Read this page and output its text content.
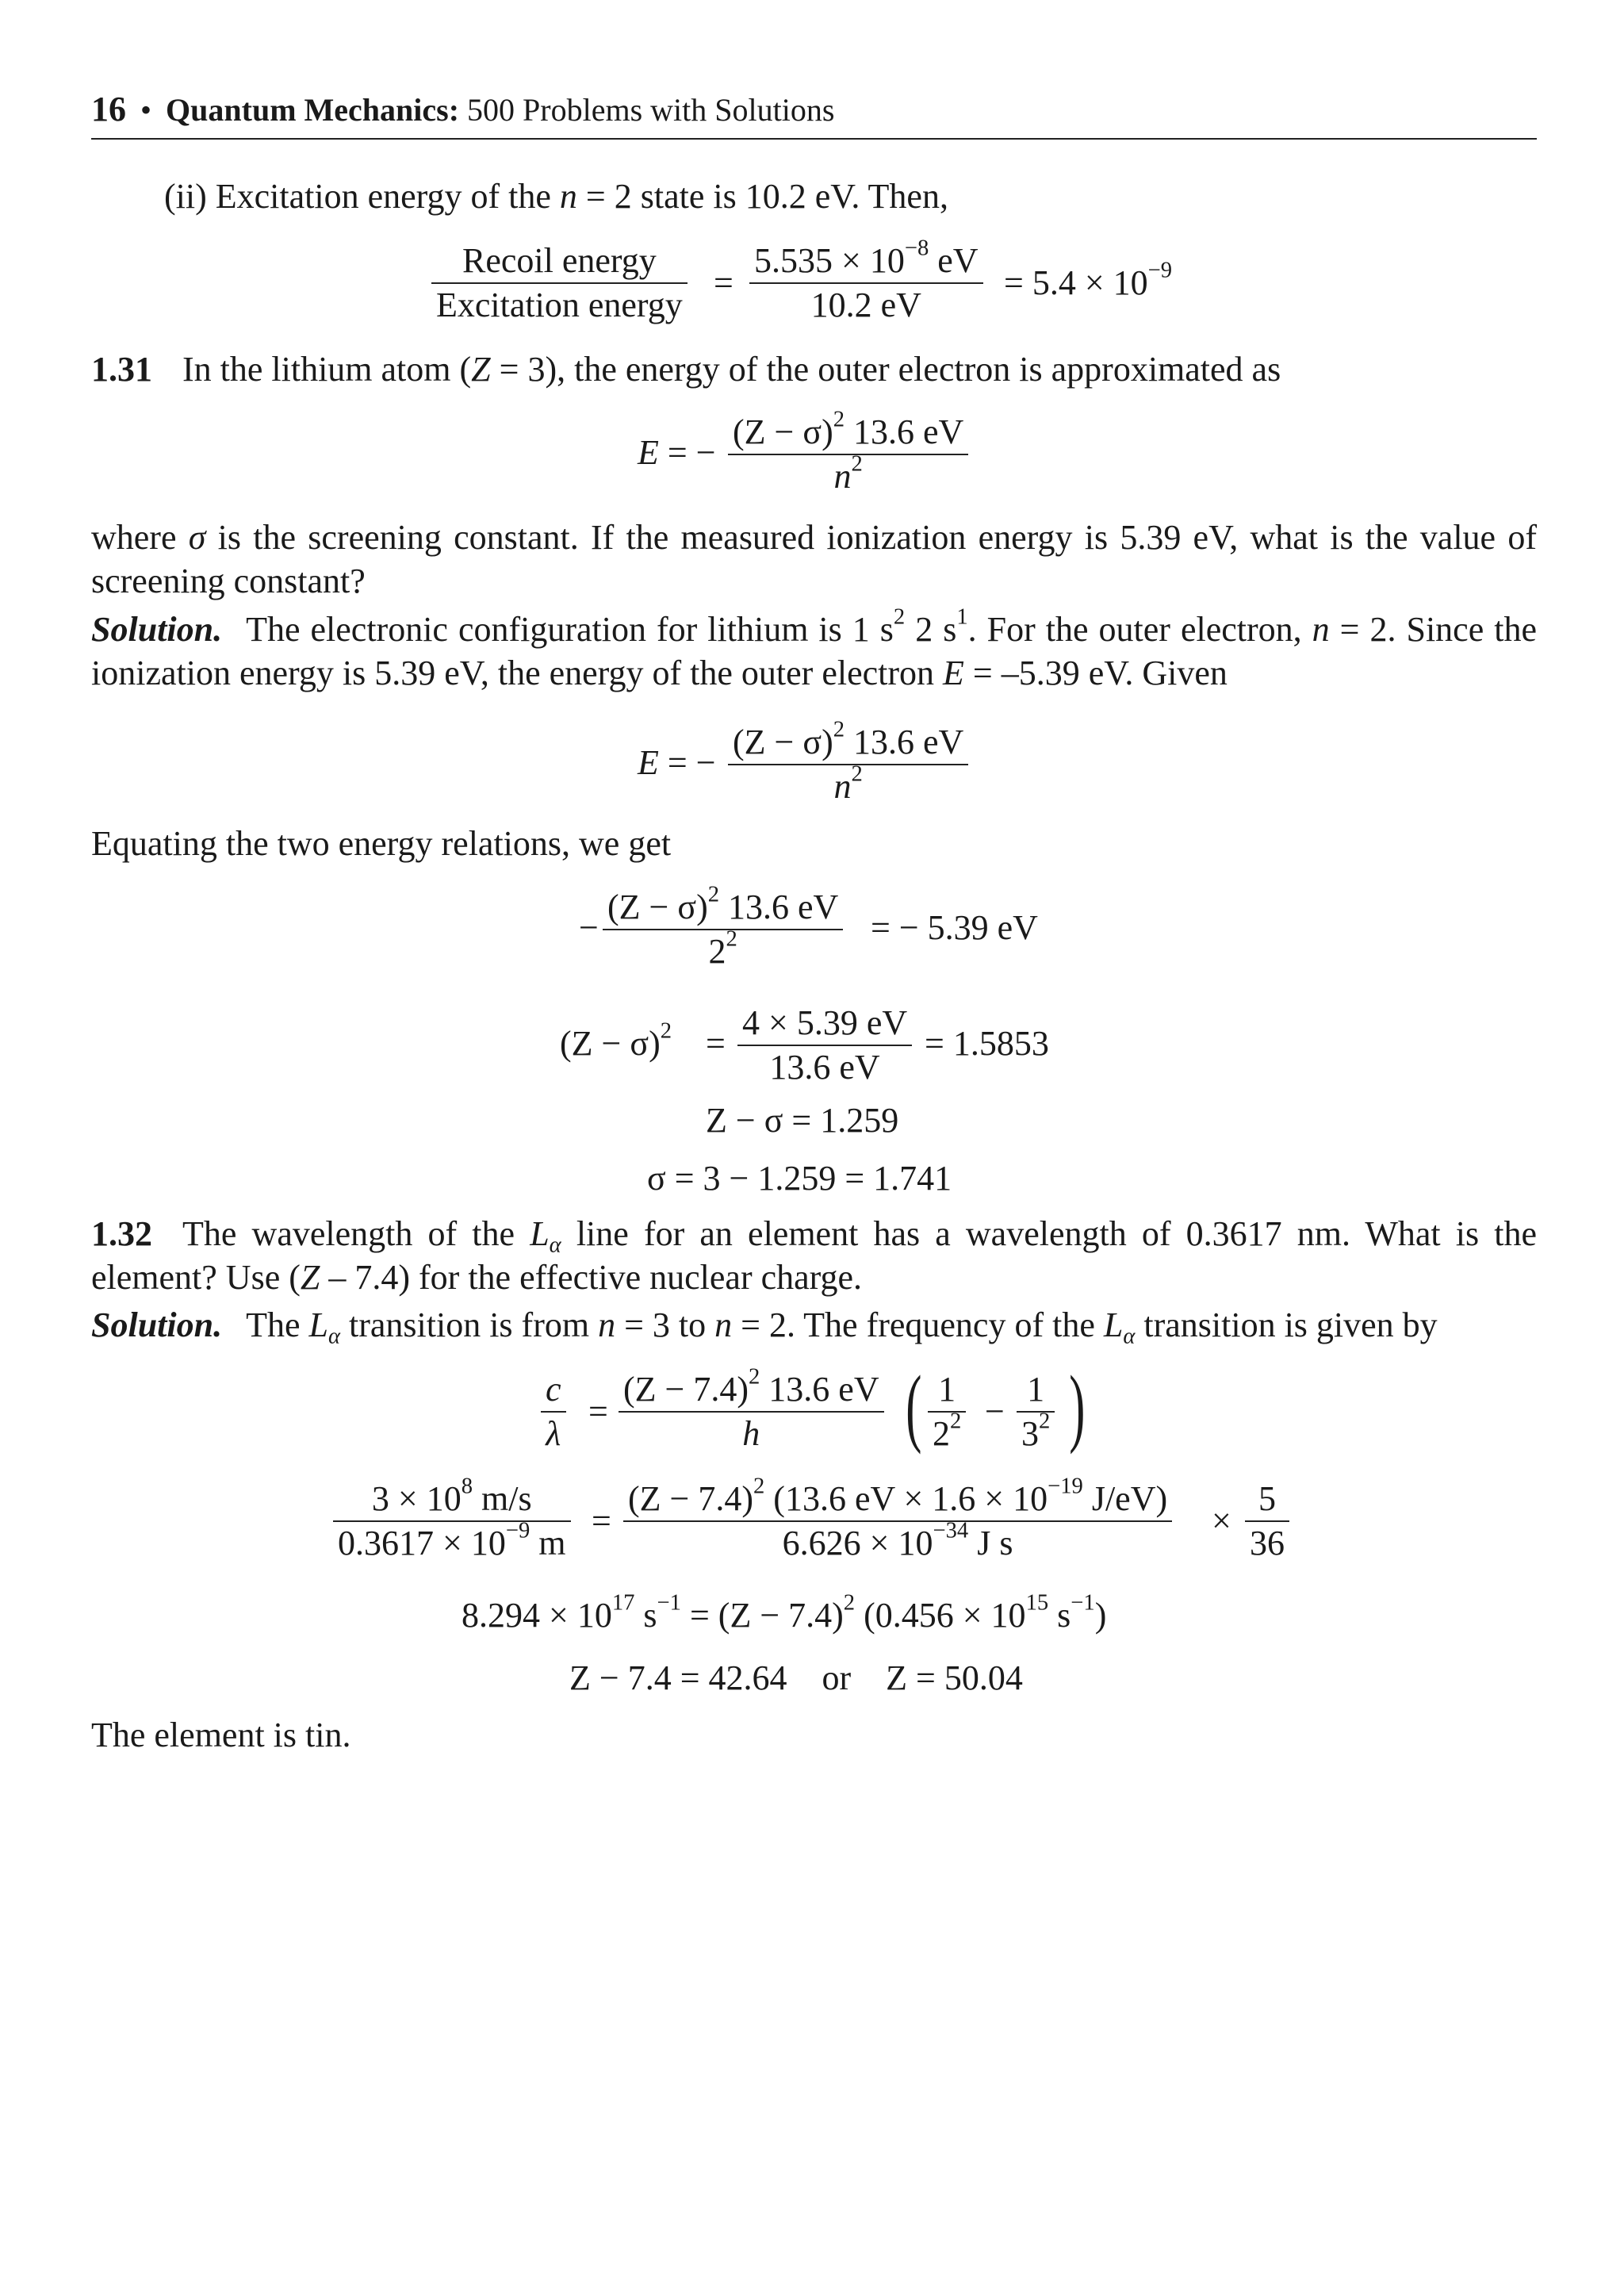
16 • Quantum Mechanics: 500 Problems with Solutions
(ii) Excitation energy of the n = 2 state is 10.2 eV. Then,
Recoil energy
Excitation energy
=
$5.535 \times 10^{-8}$ eV
10.2 eV
= $5.4 \times 10^{-9}$
1.31 In the lithium atom (Z = 3), the energy of the outer electron is approximated as
E = −
$(Z - \sigma)^2$ 13.6 eV
$n^2$
where σ is the screening constant. If the measured ionization energy is 5.39 eV, what is the value of screening constant?
Solution. The electronic configuration for lithium is 1 $s^2$ 2 $s^1$. For the outer electron, n = 2. Since the ionization energy is 5.39 eV, the energy of the outer electron E = –5.39 eV. Given
E = −
$(Z - \sigma)^2$ 13.6 eV
$n^2$
Equating the two energy relations, we get
−
$(Z - \sigma)^2$ 13.6 eV
$2^2$	= − 5.39 eV
$(Z - \sigma)^2$ =
4 × 5.39 eV
13.6 eV
= 1.5853
Z − σ = 1.259
σ = 3 − 1.259 = 1.741
1.32 The wavelength of the $L_\alpha$ line for an element has a wavelength of 0.3617 nm. What is the element? Use (Z – 7.4) for the effective nuclear charge.
Solution. The $L_\alpha$ transition is from n = 3 to n = 2. The frequency of the $L_\alpha$ transition is given by
c
λ
=
$(Z - 7.4)^2$ 13.6 eV
h	( 1
$2^2$ −
1
$3^2$ )
$3 \times 10^8$ m/s
$0.3617 \times 10^{-9}$ m
=
$(Z - 7.4)^2$ (13.6 eV × $1.6 \times 10^{-19}$ J/eV)
$6.626 \times 10^{-34}$ J s
×
5
36
$8.294 \times 10^{17}$ $s^{-1} = (Z - 7.4)^2$ ($0.456 \times 10^{15}$ $s^{-1}$)
Z − 7.4 = 42.64 or Z = 50.04
The element is tin.
